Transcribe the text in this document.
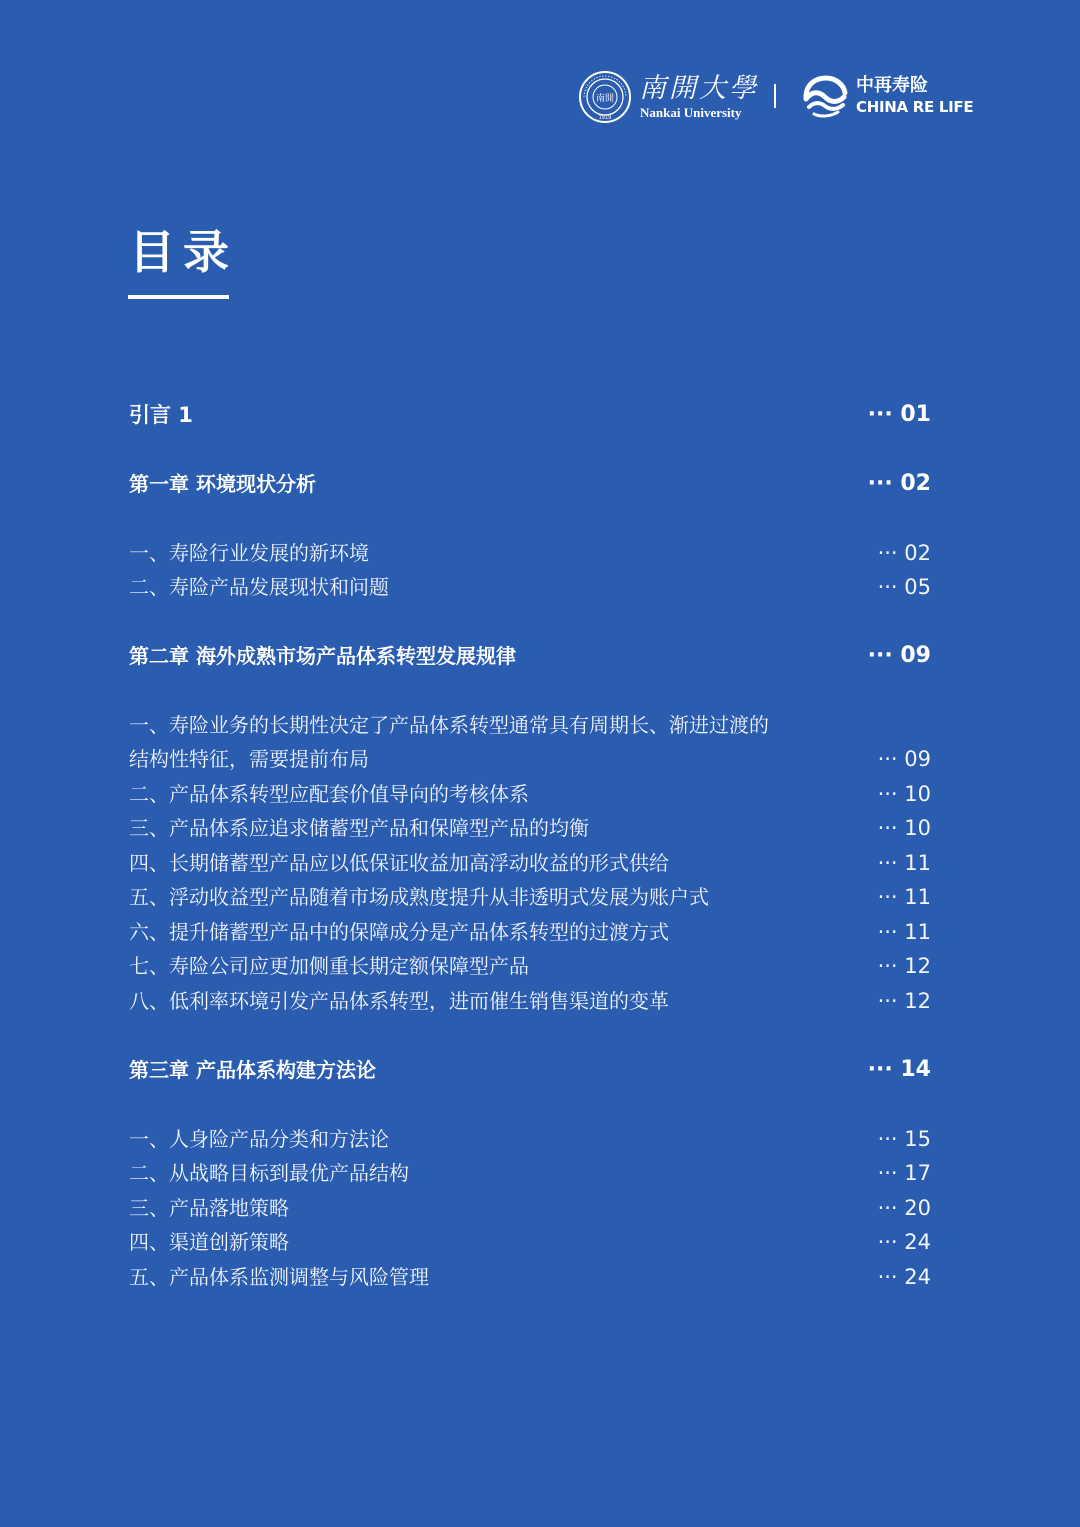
南開
1919
南開大學
Nankai University
中再寿险
CHINA RE LIFE
目录
引言 1	··· 01
第一章 环境现状分析	··· 02
一、寿险行业发展的新环境	··· 02
二、寿险产品发展现状和问题	··· 05
第二章 海外成熟市场产品体系转型发展规律	··· 09
一、寿险业务的长期性决定了产品体系转型通常具有周期长、渐进过渡的
结构性特征，需要提前布局	··· 09
二、产品体系转型应配套价值导向的考核体系	··· 10
三、产品体系应追求储蓄型产品和保障型产品的均衡	··· 10
四、长期储蓄型产品应以低保证收益加高浮动收益的形式供给	··· 11
五、浮动收益型产品随着市场成熟度提升从非透明式发展为账户式	··· 11
六、提升储蓄型产品中的保障成分是产品体系转型的过渡方式	··· 11
七、寿险公司应更加侧重长期定额保障型产品	··· 12
八、低利率环境引发产品体系转型，进而催生销售渠道的变革	··· 12
第三章 产品体系构建方法论	··· 14
一、人身险产品分类和方法论	··· 15
二、从战略目标到最优产品结构	··· 17
三、产品落地策略	··· 20
四、渠道创新策略	··· 24
五、产品体系监测调整与风险管理	··· 24
